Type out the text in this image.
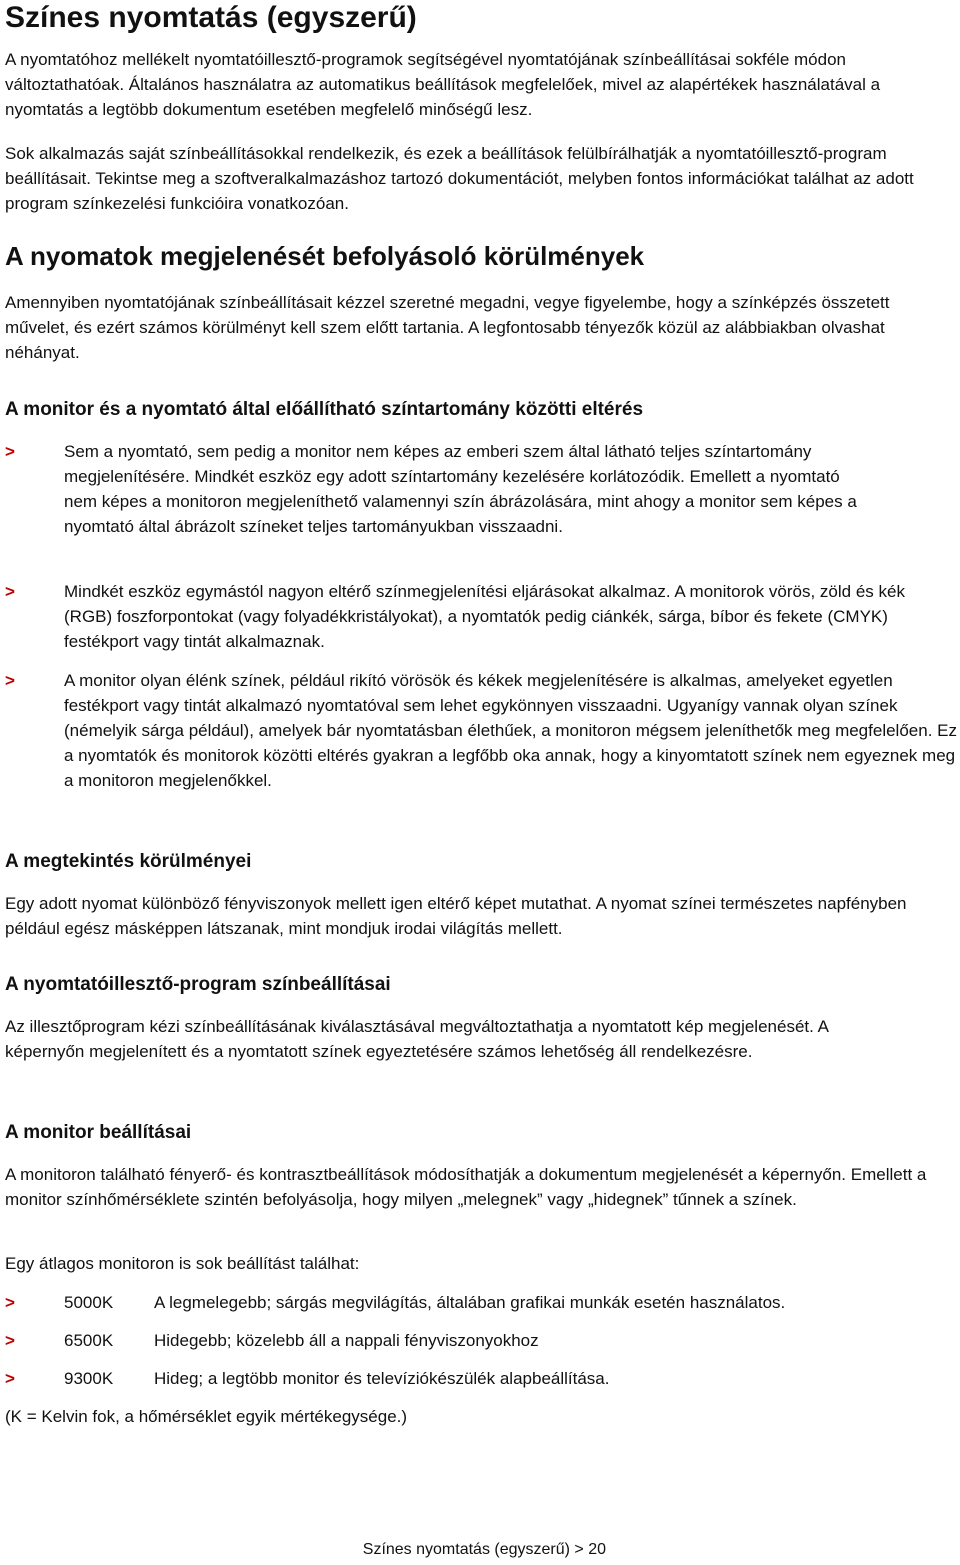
Színes nyomtatás (egyszerű)

A nyomtatóhoz mellékelt nyomtatóillesztő-programok segítségével nyomtatójának színbeállításai sokféle módon változtathatóak. Általános használatra az automatikus beállítások megfelelőek, mivel az alapértékek használatával a nyomtatás a legtöbb dokumentum esetében megfelelő minőségű lesz.

Sok alkalmazás saját színbeállításokkal rendelkezik, és ezek a beállítások felülbírálhatják a nyomtatóillesztő-program beállításait. Tekintse meg a szoftveralkalmazáshoz tartozó dokumentációt, melyben fontos információkat találhat az adott program színkezelési funkcióira vonatkozóan.

A nyomatok megjelenését befolyásoló körülmények

Amennyiben nyomtatójának színbeállításait kézzel szeretné megadni, vegye figyelembe, hogy a színképzés összetett művelet, és ezért számos körülményt kell szem előtt tartania. A legfontosabb tényezők közül az alábbiakban olvashat néhányat.

A monitor és a nyomtató által előállítható színtartomány közötti eltérés
>	Sem a nyomtató, sem pedig a monitor nem képes az emberi szem által látható teljes színtartomány megjelenítésére. Mindkét eszköz egy adott színtartomány kezelésére korlátozódik. Emellett a nyomtató nem képes a monitoron megjeleníthető valamennyi szín ábrázolására, mint ahogy a monitor sem képes a nyomtató által ábrázolt színeket teljes tartományukban visszaadni.
>	Mindkét eszköz egymástól nagyon eltérő színmegjelenítési eljárásokat alkalmaz. A monitorok vörös, zöld és kék (RGB) foszforpontokat (vagy folyadékkristályokat), a nyomtatók pedig ciánkék, sárga, bíbor és fekete (CMYK) festékport vagy tintát alkalmaznak.
>	A monitor olyan élénk színek, például rikító vörösök és kékek megjelenítésére is alkalmas, amelyeket egyetlen festékport vagy tintát alkalmazó nyomtatóval sem lehet egykönnyen visszaadni. Ugyanígy vannak olyan színek (némelyik sárga például), amelyek bár nyomtatásban élethűek, a monitoron mégsem jeleníthetők meg megfelelően. Ez a nyomtatók és monitorok közötti eltérés gyakran a legfőbb oka annak, hogy a kinyomtatott színek nem egyeznek meg a monitoron megjelenőkkel.
A megtekintés körülményei

Egy adott nyomat különböző fényviszonyok mellett igen eltérő képet mutathat. A nyomat színei természetes napfényben például egész másképpen látszanak, mint mondjuk irodai világítás mellett.

A nyomtatóillesztő-program színbeállításai

Az illesztőprogram kézi színbeállításának kiválasztásával megváltoztathatja a nyomtatott kép megjelenését. A képernyőn megjelenített és a nyomtatott színek egyeztetésére számos lehetőség áll rendelkezésre.

A monitor beállításai

A monitoron található fényerő- és kontrasztbeállítások módosíthatják a dokumentum megjelenését a képernyőn. Emellett a monitor színhőmérséklete szintén befolyásolja, hogy milyen „melegnek” vagy „hidegnek” tűnnek a színek.

Egy átlagos monitoron is sok beállítást találhat:

>	5000K A legmelegebb; sárgás megvilágítás, általában grafikai munkák esetén használatos.
>	6500K Hidegebb; közelebb áll a nappali fényviszonyokhoz
>	9300K Hideg; a legtöbb monitor és televíziókészülék alapbeállítása.

(K = Kelvin fok, a hőmérséklet egyik mértékegysége.)

Színes nyomtatás (egyszerű) > 20
